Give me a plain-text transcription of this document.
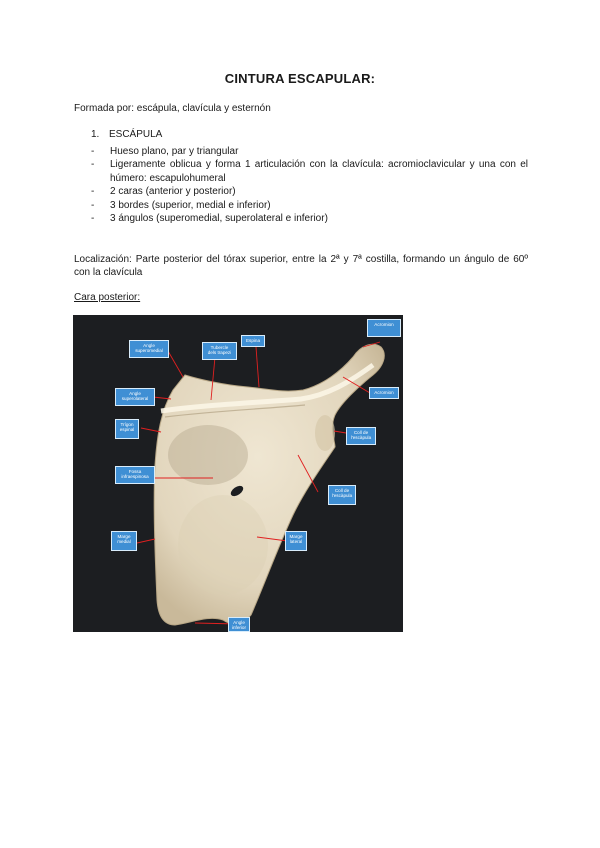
CINTURA ESCAPULAR:
Formada por: escápula, clavícula y esternón
1. ESCÁPULA
- Hueso plano, par y triangular
- Ligeramente oblicua y forma 1 articulación con la clavícula: acromioclavicular y una con el húmero: escapulohumeral
- 2 caras (anterior y posterior)
- 3 bordes (superior, medial e inferior)
- 3 ángulos (superomedial, superolateral e inferior)
Localización: Parte posterior del tórax superior, entre la 2ª y 7ª costilla, formando un ángulo de 60º con la clavícula
Cara posterior:
Angle
superomedial
Tubercle
dels trapezi
Espina
Angle
superolateral
Trígon
espinal
Fossa
infraespinosa
Marge
medial
Marge
lateral
Angle
inferior
Acromion
Acromion
Coll de
l'escàpula
Coll de
l'escàpula
